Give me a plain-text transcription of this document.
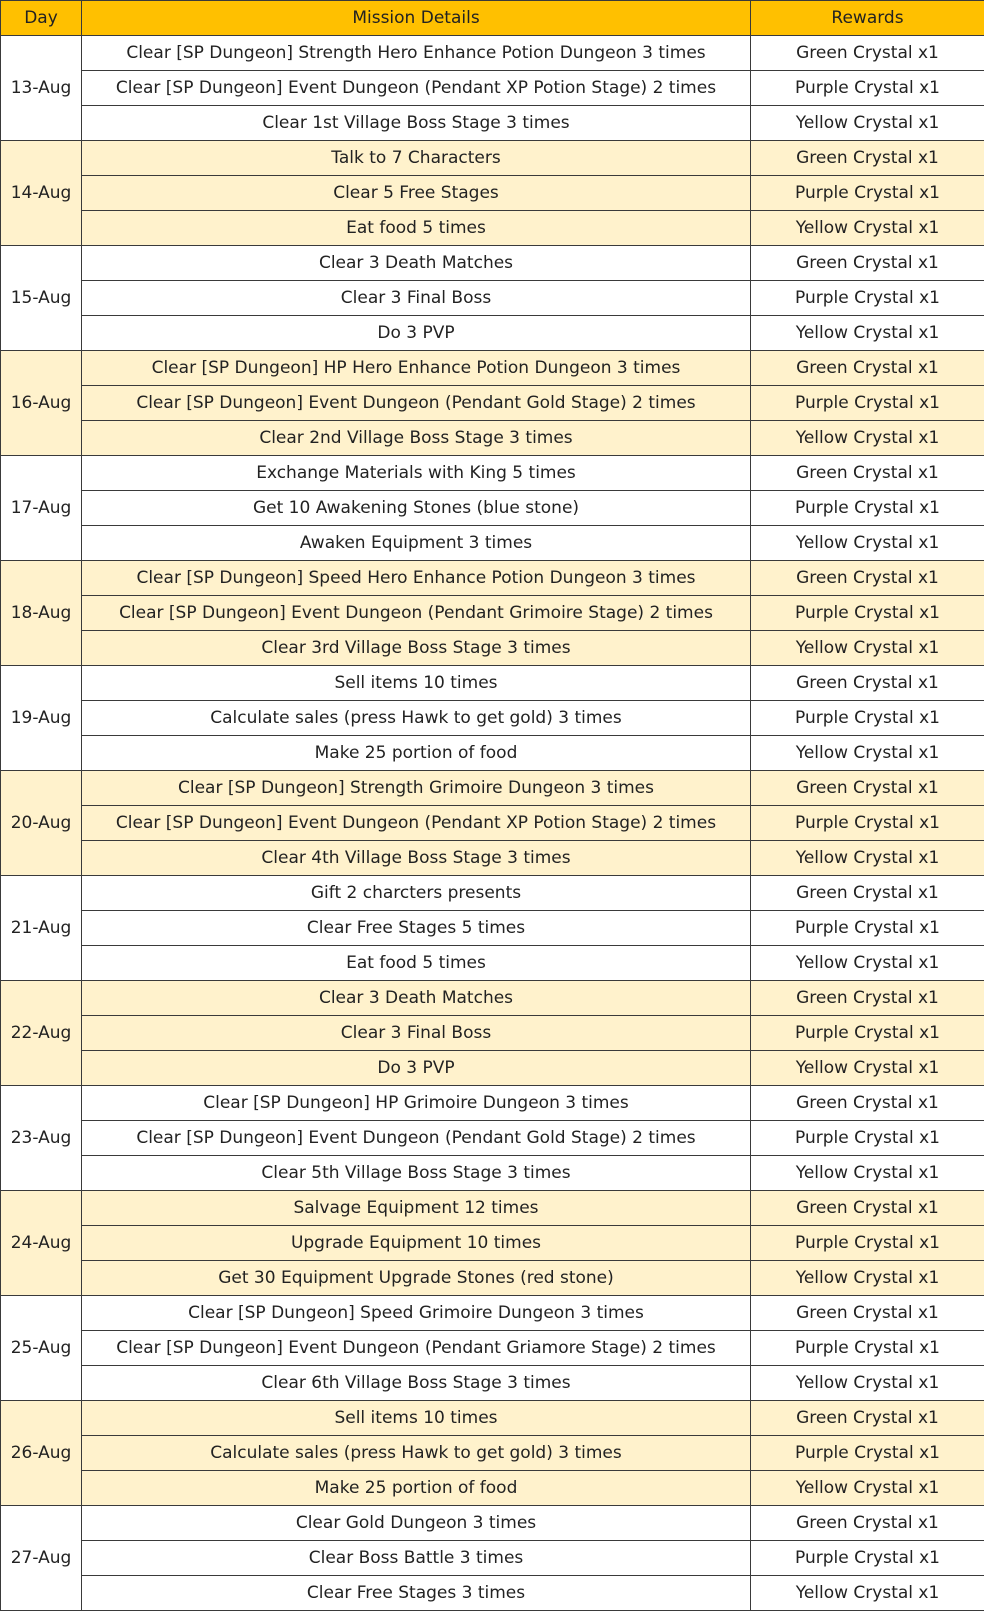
Day	Mission Details	Rewards
13-Aug	Clear [SP Dungeon] Strength Hero Enhance Potion Dungeon 3 times	Green Crystal x1
	Clear [SP Dungeon] Event Dungeon (Pendant XP Potion Stage) 2 times	Purple Crystal x1
	Clear 1st Village Boss Stage 3 times	Yellow Crystal x1
14-Aug	Talk to 7 Characters	Green Crystal x1
	Clear 5 Free Stages	Purple Crystal x1
	Eat food 5 times	Yellow Crystal x1
15-Aug	Clear 3 Death Matches	Green Crystal x1
	Clear 3 Final Boss	Purple Crystal x1
	Do 3 PVP	Yellow Crystal x1
16-Aug	Clear [SP Dungeon] HP Hero Enhance Potion Dungeon 3 times	Green Crystal x1
	Clear [SP Dungeon] Event Dungeon (Pendant Gold Stage) 2 times	Purple Crystal x1
	Clear 2nd Village Boss Stage 3 times	Yellow Crystal x1
17-Aug	Exchange Materials with King 5 times	Green Crystal x1
	Get 10 Awakening Stones (blue stone)	Purple Crystal x1
	Awaken Equipment 3 times	Yellow Crystal x1
18-Aug	Clear [SP Dungeon] Speed Hero Enhance Potion Dungeon 3 times	Green Crystal x1
	Clear [SP Dungeon] Event Dungeon (Pendant Grimoire Stage) 2 times	Purple Crystal x1
	Clear 3rd Village Boss Stage 3 times	Yellow Crystal x1
19-Aug	Sell items 10 times	Green Crystal x1
	Calculate sales (press Hawk to get gold) 3 times	Purple Crystal x1
	Make 25 portion of food	Yellow Crystal x1
20-Aug	Clear [SP Dungeon] Strength Grimoire Dungeon 3 times	Green Crystal x1
	Clear [SP Dungeon] Event Dungeon (Pendant XP Potion Stage) 2 times	Purple Crystal x1
	Clear 4th Village Boss Stage 3 times	Yellow Crystal x1
21-Aug	Gift 2 charcters presents	Green Crystal x1
	Clear Free Stages 5 times	Purple Crystal x1
	Eat food 5 times	Yellow Crystal x1
22-Aug	Clear 3 Death Matches	Green Crystal x1
	Clear 3 Final Boss	Purple Crystal x1
	Do 3 PVP	Yellow Crystal x1
23-Aug	Clear [SP Dungeon] HP Grimoire Dungeon 3 times	Green Crystal x1
	Clear [SP Dungeon] Event Dungeon (Pendant Gold Stage) 2 times	Purple Crystal x1
	Clear 5th Village Boss Stage 3 times	Yellow Crystal x1
24-Aug	Salvage Equipment 12 times	Green Crystal x1
	Upgrade Equipment 10 times	Purple Crystal x1
	Get 30 Equipment Upgrade Stones (red stone)	Yellow Crystal x1
25-Aug	Clear [SP Dungeon] Speed Grimoire Dungeon 3 times	Green Crystal x1
	Clear [SP Dungeon] Event Dungeon (Pendant Griamore Stage) 2 times	Purple Crystal x1
	Clear 6th Village Boss Stage 3 times	Yellow Crystal x1
26-Aug	Sell items 10 times	Green Crystal x1
	Calculate sales (press Hawk to get gold) 3 times	Purple Crystal x1
	Make 25 portion of food	Yellow Crystal x1
27-Aug	Clear Gold Dungeon 3 times	Green Crystal x1
	Clear Boss Battle 3 times	Purple Crystal x1
	Clear Free Stages 3 times	Yellow Crystal x1
